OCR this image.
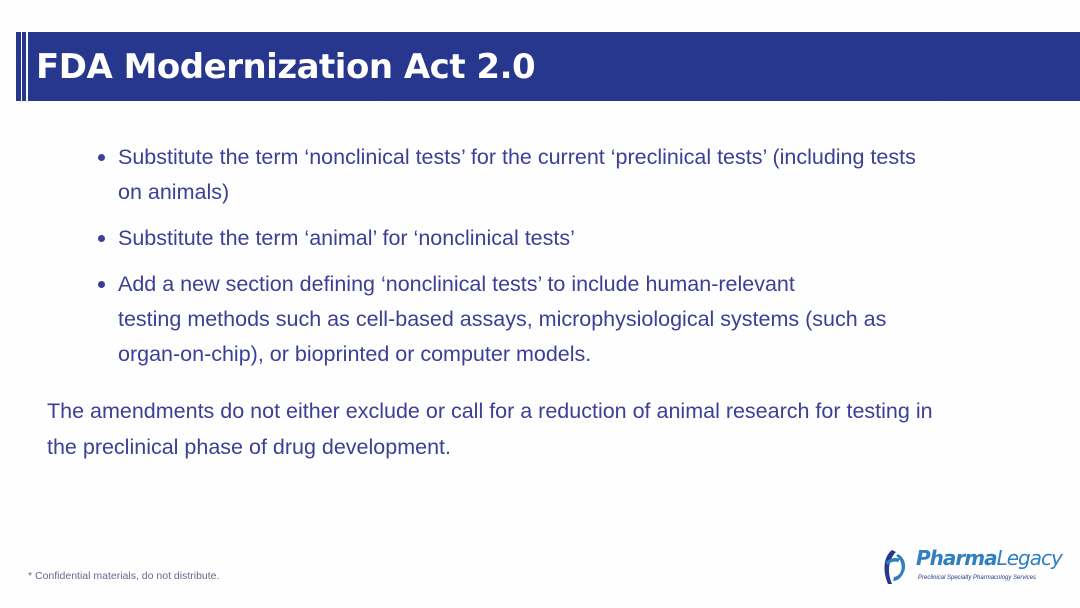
FDA Modernization Act 2.0
Substitute the term ‘nonclinical tests’ for the current ‘preclinical tests’ (including tests
on animals)
Substitute the term ‘animal’ for ‘nonclinical tests’
Add a new section defining ‘nonclinical tests’ to include human-relevant
testing methods such as cell-based assays, microphysiological systems (such as
organ-on-chip), or bioprinted or computer models.

The amendments do not either exclude or call for a reduction of animal research for testing in
the preclinical phase of drug development.

* Confidential materials, do not distribute.
PharmaLegacy
Preclinical Specialty Pharmacology Services
